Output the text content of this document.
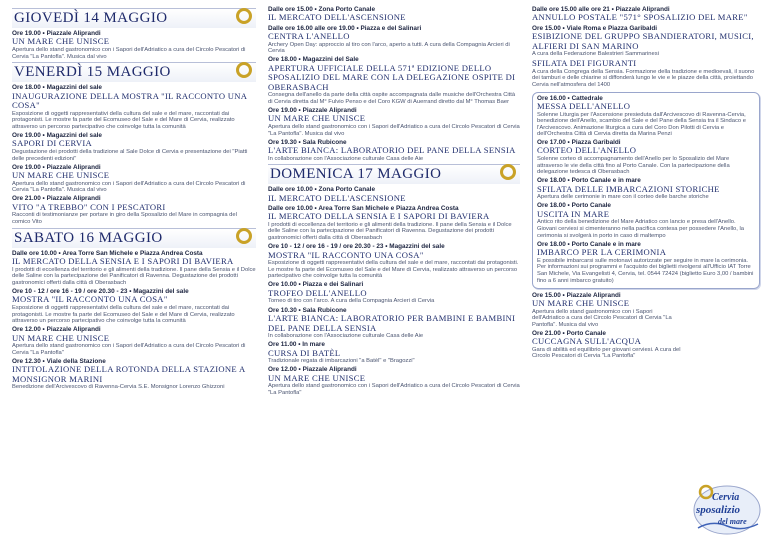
GIOVEDÌ 14 MAGGIO
Ore 19.00 • Piazzale Aliprandi
UN MARE CHE UNISCE
Apertura dello stand gastronomico con i Sapori dell'Adriatico a cura del Circolo Pescatori di Cervia "La Pantofla". Musica dal vivo
VENERDÌ 15 MAGGIO
Ore 18.00 • Magazzini del sale
INAUGURAZIONE DELLA MOSTRA "IL RACCONTO UNA COSA"
Esposizione di oggetti rappresentativi della cultura del sale e del mare, raccontati dai protagonisti. Le mostre fa parte del Ecomuseo del Sale e del Mare di Cervia, realizzato attraverso un percorso partecipativo che coinvolge tutta la comunità
Ore 19.00 • Magazzini del sale
SAPORI DI CERVIA
Degustazione dei prodotti della tradizione al Sale Dolce di Cervia e presentazione dei "Piatti delle precedenti edizioni"
Ore 19.00 • Piazzale Aliprandi
UN MARE CHE UNISCE
Apertura dello stand gastronomico con i Sapori dell'Adriatico a cura del Circolo Pescatori di Cervia "La Pantofla". Musica dal vivo
Ore 21.00 • Piazzale Aliprandi
VITO "A TREBBO" CON I PESCATORI
Racconti di testimonianze per portare in giro della Sposalizio del Mare in compagnia del comico Vito
SABATO 16 MAGGIO
Dalle ore 10.00 • Area Torre San Michele e Piazza Andrea Costa
IL MERCATO DELLA SENSIA E I SAPORI DI BAVIERA
I prodotti di eccellenza del territorio e gli alimenti della tradizione. Il pane della Sensia e il Dolce delle Saline con la partecipazione dei Panificatori di Ravenna. Degustazione dei prodotti gastronomici offerti dalla città di Oberasbach
Ore 10 - 12 / ore 16 - 19 / ore 20.30 - 23 • Magazzini del sale
MOSTRA "IL RACCONTO UNA COSA"
Esposizione di oggetti rappresentativi della cultura del sale e del mare, raccontati dai protagonisti. Le mostre fa parte del Ecomuseo del Sale e del Mare di Cervia, realizzato attraverso un percorso partecipativo che coinvolge tutta la comunità
Ore 12.00 • Piazzale Aliprandi
UN MARE CHE UNISCE
Apertura dello stand gastronomico con i Sapori dell'Adriatico a cura del Circolo Pescatori di Cervia "La Pantofla"
Ore 12.30 • Viale della Stazione
INTITOLAZIONE DELLA ROTONDA DELLA STAZIONE A MONSIGNOR MARINI
Benedizione dell'Arcivescovo di Ravenna-Cervia S.E. Monsignor Lorenzo Ghizzoni
Dalle ore 15.00 • Zona Porto Canale
IL MERCATO DELL'ASCENSIONE
Dalle ore 16.00 alle ore 19.00 • Piazza e del Salinari
CENTRA L'ANELLO
Archery Open Day: approccio al tiro con l'arco, aperto a tutti. A cura della Compagnia Arcieri di Cervia
Ore 18.00 • Magazzini del Sale
APERTURA UFFICIALE DELLA 571ª EDIZIONE DELLO SPOSALIZIO DEL MARE CON LA DELEGAZIONE OSPITE DI OBERASBACH
Consegna dell'anello da parte della città ospite accompagnata dalle musiche dell'Orchestra Città di Cervia diretta dal M° Fulvio Penso e del Coro KGW di Auerrand diretto dal M° Thomas Baer
Ore 19.00 • Piazzale Aliprandi
UN MARE CHE UNISCE
Apertura dello stand gastronomico con i Sapori dell'Adriatico a cura del Circolo Pescatori di Cervia "La Pantofla". Musica dal vivo
Ore 19.30 • Sala Rubicone
L'ARTE BIANCA: LABORATORIO DEL PANE DELLA SENSIA
In collaborazione con l'Associazione culturale Casa delle Aie
DOMENICA 17 MAGGIO
Dalle ore 10.00 • Zona Porto Canale
IL MERCATO DELL'ASCENSIONE
Dalle ore 10.00 • Area Torre San Michele e Piazza Andrea Costa
IL MERCATO DELLA SENSIA E I SAPORI DI BAVIERA
I prodotti di eccellenza del territorio e gli alimenti della tradizione. Il pane della Sensia e il Dolce delle Saline con la partecipazione dei Panificatori di Ravenna. Degustazione dei prodotti gastronomici offerti dalla città di Oberasbach
Ore 10 - 12 / ore 16 - 19 / ore 20.30 - 23 • Magazzini del sale
MOSTRA "IL RACCONTO UNA COSA"
Esposizione di oggetti rappresentativi della cultura del sale e del mare, raccontati dai protagonisti. Le mostre fa parte del Ecomuseo del Sale e del Mare di Cervia, realizzato attraverso un percorso partecipativo che coinvolge tutta la comunità
Ore 10.00 • Piazza e dei Salinari
TROFEO DELL'ANELLO
Torneo di tiro con l'arco. A cura della Compagnia Arcieri di Cervia
Ore 10.30 • Sala Rubicone
L'ARTE BIANCA: LABORATORIO PER BAMBINI E BAMBINI DEL PANE DELLA SENSIA
In collaborazione con l'Associazione culturale Casa delle Aie
Ore 11.00 • In mare
CURSA DI BATÈL
Tradizionale regata di imbarcazioni "a Batèl" e "Bragozzi"
Ore 12.00 • Piazzale Aliprandi
UN MARE CHE UNISCE
Apertura dello stand gastronomico con i Sapori dell'Adriatico a cura del Circolo Pescatori di Cervia "La Pantofla"
Dalle ore 15.00 alle ore 21 • Piazzale Aliprandi
ANNULLO POSTALE "571° SPOSALIZIO DEL MARE"
Ore 15.00 • Viale Roma e Piazza Garibaldi
ESIBIZIONE DEL GRUPPO SBANDIERATORI, MUSICI, ALFIERI DI SAN MARINO
A cura della Federazione Balestrieri Sammarinesi
SFILATA DEI FIGURANTI
A cura della Congrega della Sensia. Formazione della tradizione e medioevali, il suono dei tamburi e delle chiarine si diffonderà lungo le vie e le piazze della città, proiettando Cervia nell'atmosfera del 1400
Ore 16.00 • Cattedrale
MESSA DELL'ANELLO
Solenne Liturgia per l'Ascensione presieduta dall'Arcivescovo di Ravenna-Cervia, benedizione dell'Anello, scambio del Sale e del Pane della Sensia tra il Sindaco e l'Arcivescovo. Animazione liturgica a cura del Coro Don Pilotti di Cervia e dell'Orchestra Città di Cervia diretta da Marina Penzi
Ore 17.00 • Piazza Garibaldi
CORTEO DELL'ANELLO
Solenne corteo di accompagnamento dell'Anello per lo Sposalizio del Mare attraverso le vie della città fino al Porto Canale. Con la partecipazione della delegazione tedesca di Oberasbach
Ore 18.00 • Porto Canale e in mare
SFILATA DELLE IMBARCAZIONI STORICHE
Apertura delle cerimonie in mare con il corteo delle barche storiche
Ore 18.00 • Porto Canale
USCITA IN MARE
Antico rito della benedizione del Mare Adriatico con lancio e presa dell'Anello. Giovani cerviesi si cimenteranno nella pacifica contesa per possedere l'Anello, la cerimonia si svolgerà in porto in caso di maltempo
Ore 18.00 • Porto Canale e in mare
IMBARCO PER LA CERIMONIA
È possibile imbarcarsi sulle motonavi autorizzate per seguire in mare la cerimonia. Per informazioni sui programmi e l'acquisto dei biglietti rivolgersi all'Ufficio IAT Torre San Michele, Via Evangelisti 4, Cervia, tel. 0544 72424 (biglietto Euro 3,00 / bambini fino a 6 anni imbarco gratuito)
Ore 15.00 • Piazzale Aliprandi
UN MARE CHE UNISCE
Apertura dello stand gastronomico con i Sapori dell'Adriatico a cura del Circolo Pescatori di Cervia "La Pantofla". Musica dal vivo
Ore 21.00 • Porto Canale
CUCCAGNA SULL'ACQUA
Gara di abilità ed equilibrio per giovani cerviesi. A cura del Circolo Pescatori di Cervia "La Pantofla"
Cervia
sposalizio
del mare
